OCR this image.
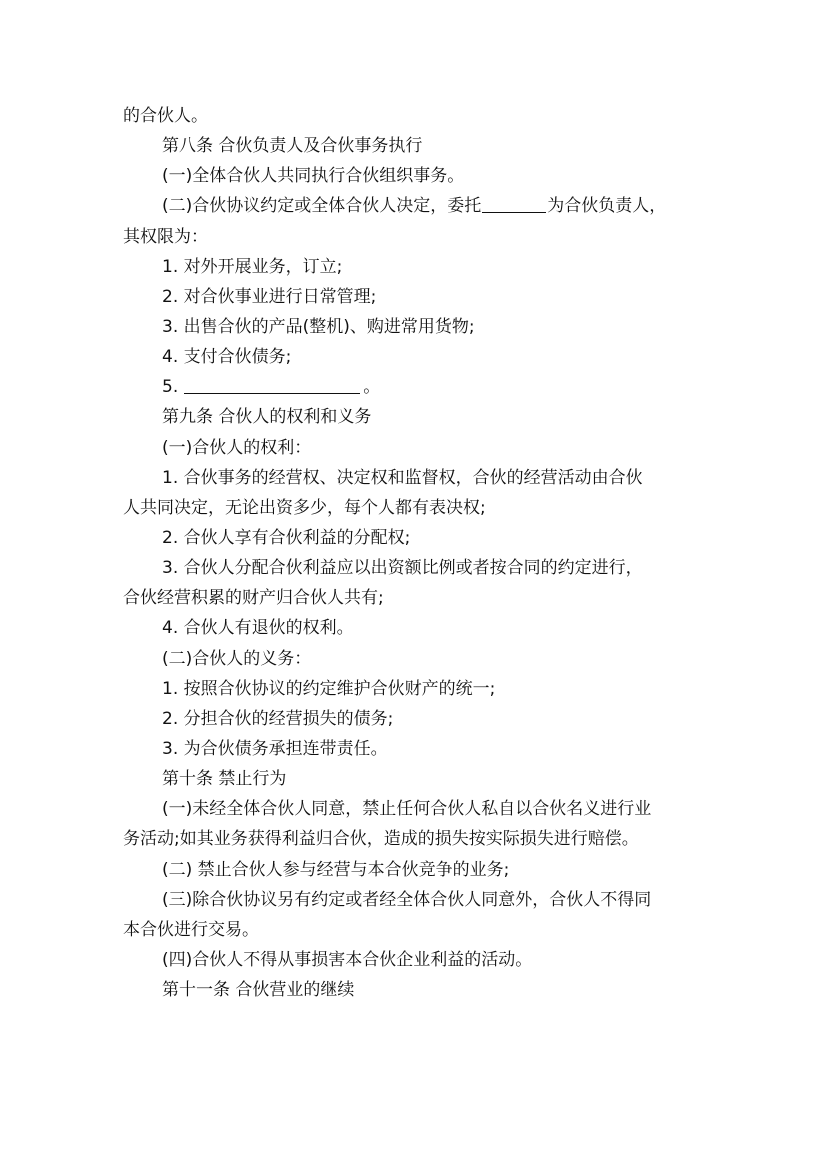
的合伙人。

第八条 合伙负责人及合伙事务执行

(一)全体合伙人共同执行合伙组织事务。

(二)合伙协议约定或全体合伙人决定，委托	为合伙负责人，

其权限为：

1. 对外开展业务，订立;

2. 对合伙事业进行日常管理;

3. 出售合伙的产品(整机)、购进常用货物;

4. 支付合伙债务;

5.	。

第九条 合伙人的权利和义务

(一)合伙人的权利：

1. 合伙事务的经营权、决定权和监督权，合伙的经营活动由合伙

人共同决定，无论出资多少，每个人都有表决权;

2. 合伙人享有合伙利益的分配权;

3. 合伙人分配合伙利益应以出资额比例或者按合同的约定进行，

合伙经营积累的财产归合伙人共有;

4. 合伙人有退伙的权利。

(二)合伙人的义务：

1. 按照合伙协议的约定维护合伙财产的统一;

2. 分担合伙的经营损失的债务;

3. 为合伙债务承担连带责任。

第十条 禁止行为

(一)未经全体合伙人同意，禁止任何合伙人私自以合伙名义进行业

务活动;如其业务获得利益归合伙，造成的损失按实际损失进行赔偿。

(二) 禁止合伙人参与经营与本合伙竞争的业务;

(三)除合伙协议另有约定或者经全体合伙人同意外，合伙人不得同

本合伙进行交易。

(四)合伙人不得从事损害本合伙企业利益的活动。

第十一条 合伙营业的继续
